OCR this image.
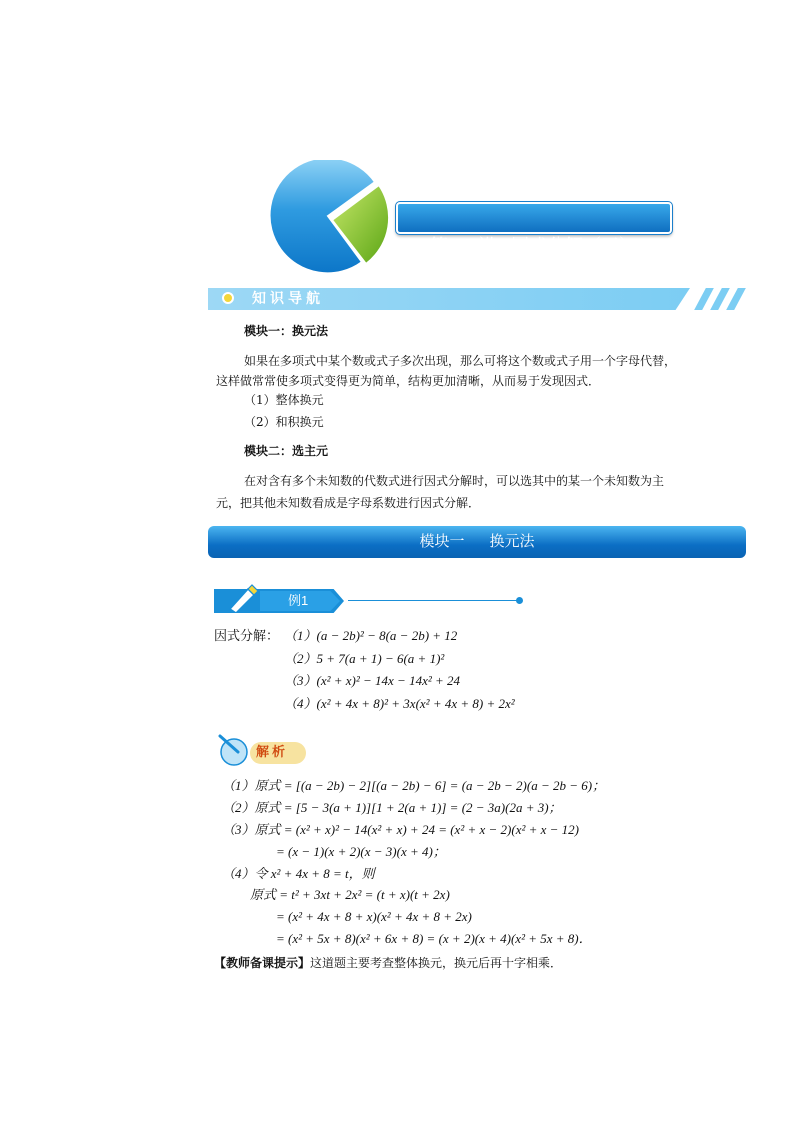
第 20 讲 因式分解（三）

知识导航
模块一：换元法
如果在多项式中某个数或式子多次出现，那么可将这个数或式子用一个字母代替，
这样做常常使多项式变得更为简单，结构更加清晰，从而易于发现因式．
（1）整体换元
（2）和积换元
模块二：选主元
在对含有多个未知数的代数式进行因式分解时，可以选其中的某一个未知数为主
元，把其他未知数看成是字母系数进行因式分解．
模块一      换元法
例1
因式分解： （1）(a − 2b)² − 8(a − 2b) + 12
（2）5 + 7(a + 1) − 6(a + 1)²
（3）(x² + x)² − 14x − 14x² + 24
（4）(x² + 4x + 8)² + 3x(x² + 4x + 8) + 2x²
解析
（1）原式 = [(a − 2b) − 2][(a − 2b) − 6] = (a − 2b − 2)(a − 2b − 6)；
（2）原式 = [5 − 3(a + 1)][1 + 2(a + 1)] = (2 − 3a)(2a + 3)；
（3）原式 = (x² + x)² − 14(x² + x) + 24 = (x² + x − 2)(x² + x − 12)
= (x − 1)(x + 2)(x − 3)(x + 4)；
（4）令 x² + 4x + 8 = t，则
原式 = t² + 3xt + 2x² = (t + x)(t + 2x)
= (x² + 4x + 8 + x)(x² + 4x + 8 + 2x)
= (x² + 5x + 8)(x² + 6x + 8) = (x + 2)(x + 4)(x² + 5x + 8)．
【教师备课提示】这道题主要考查整体换元，换元后再十字相乘．
